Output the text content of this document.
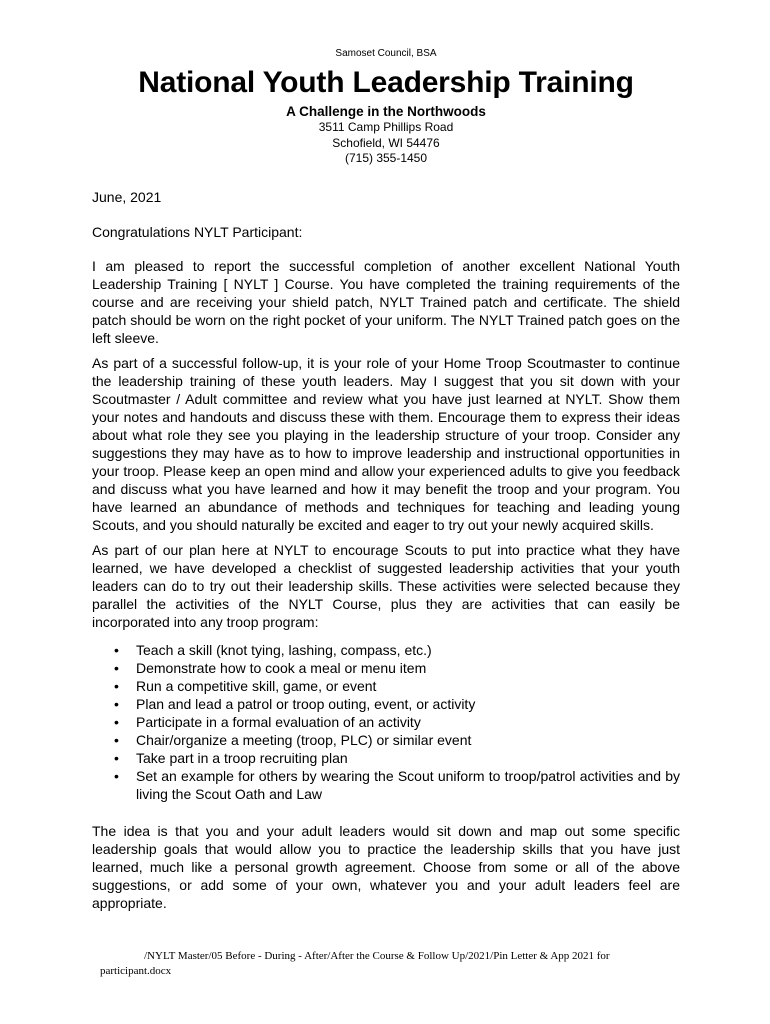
Samoset Council, BSA
National Youth Leadership Training
A Challenge in the Northwoods
3511 Camp Phillips Road
Schofield, WI 54476
(715) 355-1450
June, 2021
Congratulations NYLT Participant:

I am pleased to report the successful completion of another excellent National Youth Leadership Training [ NYLT ] Course. You have completed the training requirements of the course and are receiving your shield patch, NYLT Trained patch and certificate. The shield patch should be worn on the right pocket of your uniform. The NYLT Trained patch goes on the left sleeve.

As part of a successful follow-up, it is your role of your Home Troop Scoutmaster to continue the leadership training of these youth leaders. May I suggest that you sit down with your Scoutmaster / Adult committee and review what you have just learned at NYLT. Show them your notes and handouts and discuss these with them. Encourage them to express their ideas about what role they see you playing in the leadership structure of your troop. Consider any suggestions they may have as to how to improve leadership and instructional opportunities in your troop. Please keep an open mind and allow your experienced adults to give you feedback and discuss what you have learned and how it may benefit the troop and your program. You have learned an abundance of methods and techniques for teaching and leading young Scouts, and you should naturally be excited and eager to try out your newly acquired skills.

As part of our plan here at NYLT to encourage Scouts to put into practice what they have learned, we have developed a checklist of suggested leadership activities that your youth leaders can do to try out their leadership skills. These activities were selected because they parallel the activities of the NYLT Course, plus they are activities that can easily be incorporated into any troop program:

• Teach a skill (knot tying, lashing, compass, etc.)
• Demonstrate how to cook a meal or menu item
• Run a competitive skill, game, or event
• Plan and lead a patrol or troop outing, event, or activity
• Participate in a formal evaluation of an activity
• Chair/organize a meeting (troop, PLC) or similar event
• Take part in a troop recruiting plan
• Set an example for others by wearing the Scout uniform to troop/patrol activities and by living the Scout Oath and Law

The idea is that you and your adult leaders would sit down and map out some specific leadership goals that would allow you to practice the leadership skills that you have just learned, much like a personal growth agreement. Choose from some or all of the above suggestions, or add some of your own, whatever you and your adult leaders feel are appropriate.

/NYLT Master/05 Before - During - After/After the Course & Follow Up/2021/Pin Letter & App 2021 for participant.docx
